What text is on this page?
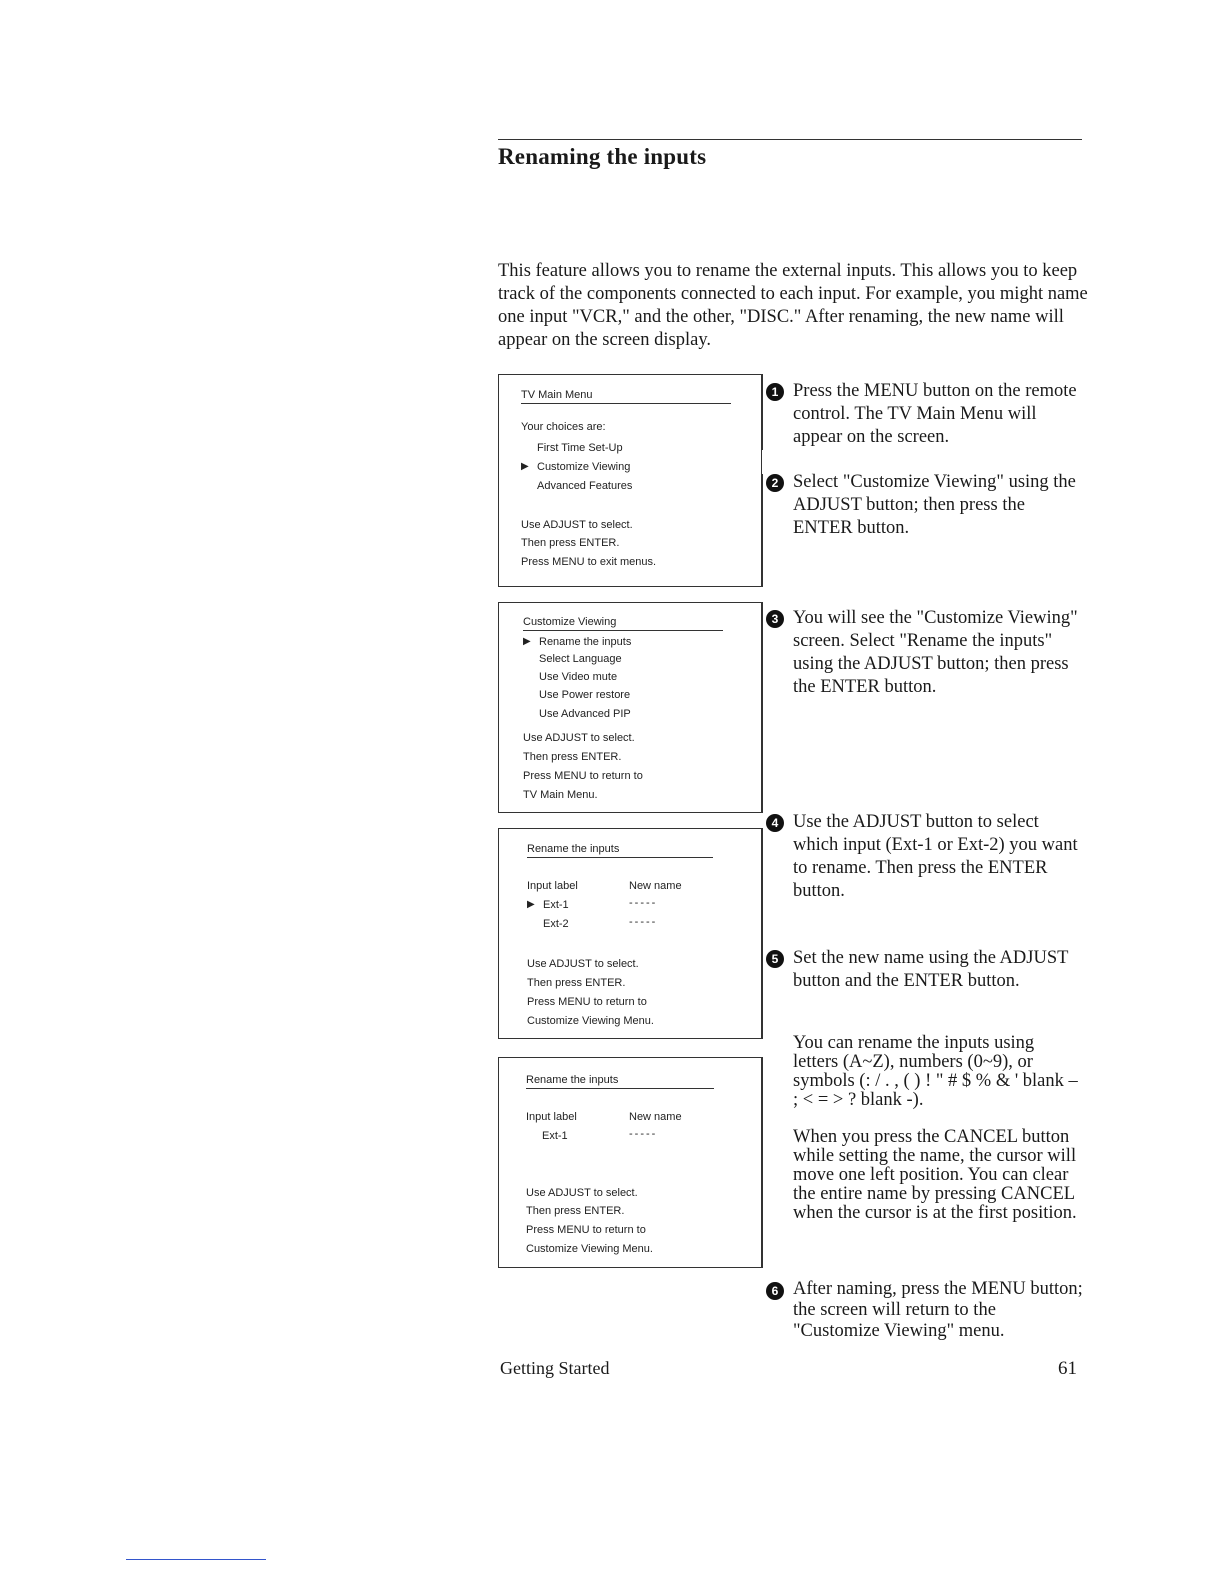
Renaming the inputs

This feature allows you to rename the external inputs. This allows you to keep track of the components connected to each input. For example, you might name one input "VCR," and the other, "DISC." After renaming, the new name will appear on the screen display.

TV Main Menu
Your choices are:
First Time Set-Up
▶ Customize Viewing
Advanced Features
Use ADJUST to select.
Then press ENTER.
Press MENU to exit menus.
Customize Viewing
▶ Rename the inputs
Select Language
Use Video mute
Use Power restore
Use Advanced PIP
Use ADJUST to select.
Then press ENTER.
Press MENU to return to
TV Main Menu.
Rename the inputs
Input label	New name
▶ Ext-1	-----
Ext-2	-----
Use ADJUST to select.
Then press ENTER.
Press MENU to return to
Customize Viewing Menu.
Rename the inputs
Input label	New name
Ext-1	-----
Use ADJUST to select.
Then press ENTER.
Press MENU to return to
Customize Viewing Menu.
1 Press the MENU button on the remote control. The TV Main Menu will appear on the screen.
2 Select "Customize Viewing" using the ADJUST button; then press the ENTER button.
3 You will see the "Customize Viewing" screen. Select "Rename the inputs" using the ADJUST button; then press the ENTER button.
4 Use the ADJUST button to select which input (Ext-1 or Ext-2) you want to rename. Then press the ENTER button.
5 Set the new name using the ADJUST button and the ENTER button.
You can rename the inputs using letters (A~Z), numbers (0~9), or symbols (: / . , ( ) ! " # $ % & ' blank – ; < = > ? blank -).
When you press the CANCEL button while setting the name, the cursor will move one left position. You can clear the entire name by pressing CANCEL when the cursor is at the first position.
6 After naming, press the MENU button; the screen will return to the "Customize Viewing" menu.
Getting Started	61
